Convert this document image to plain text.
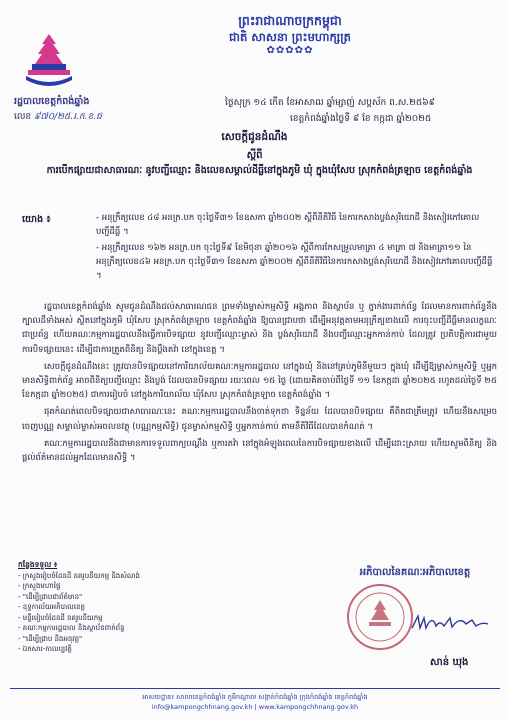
ព្រះរាជាណាចក្រកម្ពុជា
ជាតិ សាសនា ព្រះមហាក្សត្រ
✿✿✿✿✿
រដ្ឋបាលខេត្តកំពង់ឆ្នាំង
លេខ ៩៧០/២៥.រ.ក.ខ.ជ
ថ្ងៃសុក្រ ១៤ កើត ខែអាសាឍ ឆ្នាំម្សាញ់ សប្តស័ក ព.ស.២៥៦៩
ខេត្តកំពង់ឆ្នាំងថ្ងៃទី ៩ ខែ កក្កដា ឆ្នាំ២០២៥
សេចក្តីជូនដំណឹង
ស្តីពី
ការបើកផ្សាយជាសាធារណៈ នូវបញ្ជីឈ្មោះ និងលេខសម្គាល់ដីធ្លីនៅក្នុងភូមិ ឃុំ ក្នុងឃុំសែប ស្រុកកំពង់ត្រឡាច ខេត្តកំពង់ឆ្នាំង
យោង ៖	- អនុក្រឹត្យលេខ ៤៨ អនក្រ.បក ចុះថ្ងៃទី៣១ ខែឧសភា ឆ្នាំ២០០២ ស្តីពីនីតិវិធី នៃការកសាងប្លង់សុរិយោដី និងសៀវភៅគោលបញ្ជីដីធ្លី ។

- អនុក្រឹត្យលេខ ១៦២ អនក្រ.បក ចុះថ្ងៃទី៩ ខែមិថុនា ឆ្នាំ២០១៦ ស្តីពីការកែសម្រួលមាត្រា ៤ មាត្រា ៧ និងមាត្រា១១ នៃអនុក្រឹត្យលេខ៤៦ អនក្រ.បក ចុះថ្ងៃទី៣១ ខែឧសភា ឆ្នាំ២០០២ ស្តីពីនីតិវិធីនៃការកសាងប្លង់សុរិយោដី និងសៀវភៅគោលបញ្ជីដីធ្លី ។

រដ្ឋបាលខេត្តកំពង់ឆ្នាំង សូមជូនដំណឹងដល់សាធារណជន ព្រមទាំងម្ចាស់កម្មសិទ្ធិ អង្គភាព និងស្ថាប័ន ឬ ភ្នាក់ងារពាក់ព័ន្ធ ដែលមានការពាក់ព័ន្ធនឹងក្បាលដីទាំងអស់ ស្ថិតនៅក្នុងភូមិ ឃុំសែប ស្រុកកំពង់ត្រឡាច ខេត្តកំពង់ឆ្នាំង ឱ្យបានជ្រាបថា ដើម្បីអនុវត្តតាមអនុក្រឹត្យខាងលើ ការចុះបញ្ជីដីធ្លីមានលក្ខណៈជាប្រព័ន្ធ ហើយគណៈកម្មការរដ្ឋបាលនឹងធ្វើការបិទផ្សាយ នូវបញ្ជីឈ្មោះម្ចាស់ និង ប្លង់សុរិយោដី និងបញ្ជីឈ្មោះអ្នកកាន់កាប់ ដែលត្រូវ ប្រតិបត្តិការជាមួយការបិទផ្សាយនេះ ដើម្បីជាការត្រួតពិនិត្យ និងប្តឹងតវ៉ា នៅក្នុងខេត្ត ។

សេចក្តីជូនដំណឹងនេះ ត្រូវបានបិទផ្សាយនៅការិយាល័យគណៈកម្មការរដ្ឋបាល នៅក្នុងឃុំ និងនៅគ្រប់ភូមិនីមួយៗ ក្នុងឃុំ ដើម្បីឱ្យម្ចាស់កម្មសិទ្ធិ ឬអ្នកមានសិទ្ធិពាក់ព័ន្ធ អាចពិនិត្យបញ្ជីឈ្មោះ និងប្លង់ ដែលបានបិទផ្សាយ រយៈពេល ១៥ ថ្ងៃ (ដោយគិតចាប់ពីថ្ងៃទី ១១ ខែកក្កដា ឆ្នាំ២០២៥ រហូតដល់ថ្ងៃទី ២៥ ខែកក្កដា ឆ្នាំ២០២៥) ជាការរៀបចំ នៅក្នុងការិយាល័យ ឃុំសែប ស្រុកកំពង់ត្រឡាច ខេត្តកំពង់ឆ្នាំង ។

ផុតកំណត់ពេលបិទផ្សាយជាសាធារណៈនេះ គណៈកម្មការរដ្ឋបាលនឹងចាត់ទុកថា ទិន្នន័យ ដែលបានបិទផ្សាយ គឺពិតជាត្រឹមត្រូវ ហើយនឹងសម្រេចចេញបណ្ណ សម្គាល់ម្ចាស់អចលនវត្ថុ (បណ្ណកម្មសិទ្ធិ) ជូនម្ចាស់កម្មសិទ្ធិ ឬអ្នកកាន់កាប់ តាមនីតិវិធីដែលបានកំណត់ ។

គណៈកម្មការរដ្ឋបាលនឹងជាមានការទទួលពាក្យបណ្តឹង ឬការតវ៉ា នៅក្នុងអំឡុងពេលនៃការបិទផ្សាយខាងលើ ដើម្បីដោះស្រាយ ហើយសូមពិនិត្យ និងផ្តល់ព័ត៌មានដល់អ្នកដែលមានសិទ្ធិ ។

កន្លែងទទួល ៖
- ក្រសួងរៀបចំដែនដី នគរូបនីយកម្ម និងសំណង់
- ក្រសួងមហាផ្ទៃ
- "ដើម្បីជ្រាបជាព័ត៌មាន"
- ខុទ្ទកាល័យអភិបាលខេត្ត
- មន្ទីររៀបចំដែនដី នគរូបនីយកម្ម
- គណៈកម្មការរដ្ឋបាល និងស្ថាប័នពាក់ព័ន្ធ
- "ដើម្បីជ្រាប និងអនុវត្ត"
- ឯកសារ-កាលប្បវត្តិ
អភិបាលនៃគណៈអភិបាលខេត្ត
សាន់ ឃុង
អាសយដ្ឋាន៖ សាលាខេត្តកំពង់ឆ្នាំង ភូមិកណ្តាល សង្កាត់កំពង់ឆ្នាំង ក្រុងកំពង់ឆ្នាំង ខេត្តកំពង់ឆ្នាំង
info@kampongchhnang.gov.kh | www.kampongchhnang.gov.kh
